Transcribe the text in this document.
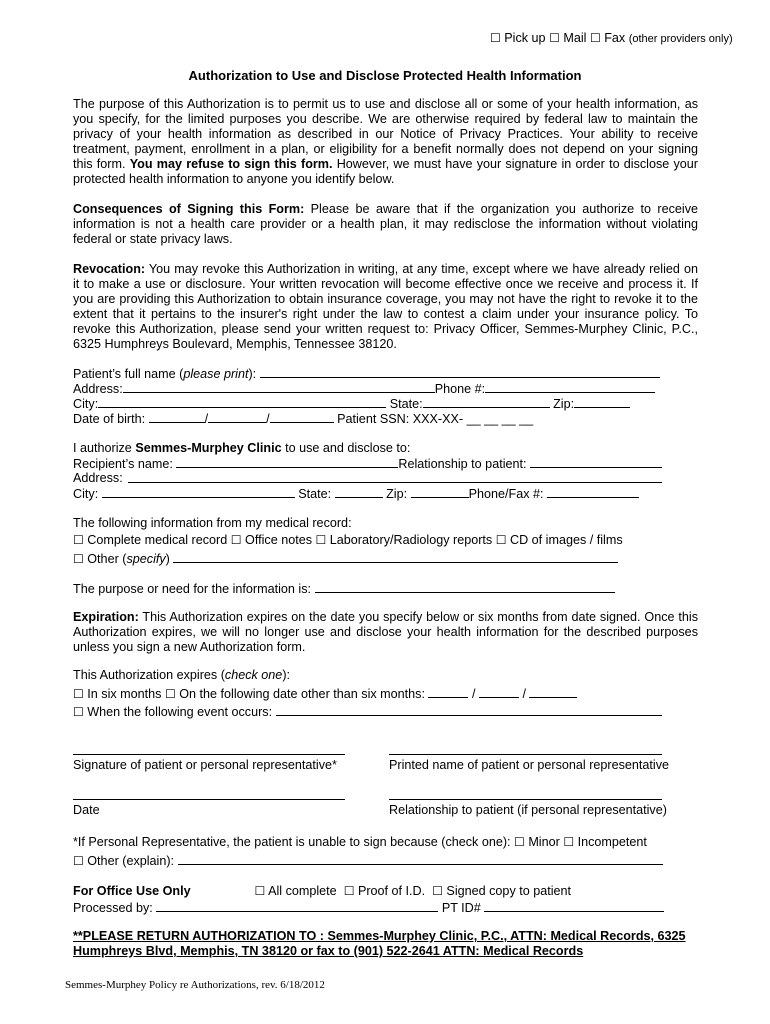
☐ Pick up ☐ Mail ☐ Fax (other providers only)
Authorization to Use and Disclose Protected Health Information
The purpose of this Authorization is to permit us to use and disclose all or some of your health information, as you specify, for the limited purposes you describe. We are otherwise required by federal law to maintain the privacy of your health information as described in our Notice of Privacy Practices. Your ability to receive treatment, payment, enrollment in a plan, or eligibility for a benefit normally does not depend on your signing this form. You may refuse to sign this form. However, we must have your signature in order to disclose your protected health information to anyone you identify below.
Consequences of Signing this Form: Please be aware that if the organization you authorize to receive information is not a health care provider or a health plan, it may redisclose the information without violating federal or state privacy laws.
Revocation: You may revoke this Authorization in writing, at any time, except where we have already relied on it to make a use or disclosure. Your written revocation will become effective once we receive and process it. If you are providing this Authorization to obtain insurance coverage, you may not have the right to revoke it to the extent that it pertains to the insurer's right under the law to contest a claim under your insurance policy. To revoke this Authorization, please send your written request to: Privacy Officer, Semmes-Murphey Clinic, P.C., 6325 Humphreys Boulevard, Memphis, Tennessee 38120.
Patient’s full name (please print):
Address:	Phone #:
City:	State:	Zip:
Date of birth:	/	/	Patient SSN: XXX-XX- __ __ __ __
I authorize Semmes-Murphey Clinic to use and disclose to:
Recipient’s name:	Relationship to patient:
Address:
City:	State:	Zip:	Phone/Fax #:
The following information from my medical record:
☐ Complete medical record ☐ Office notes ☐ Laboratory/Radiology reports ☐ CD of images / films
☐ Other (specify)
The purpose or need for the information is:
Expiration: This Authorization expires on the date you specify below or six months from date signed. Once this Authorization expires, we will no longer use and disclose your health information for the described purposes unless you sign a new Authorization form.
This Authorization expires (check one):
☐ In six months ☐ On the following date other than six months:	/	/
☐ When the following event occurs:
Signature of patient or personal representative*	Printed name of patient or personal representative
Date	Relationship to patient (if personal representative)
*If Personal Representative, the patient is unable to sign because (check one): ☐ Minor ☐ Incompetent
☐ Other (explain):
For Office Use Only	☐ All complete ☐ Proof of I.D. ☐ Signed copy to patient
Processed by:	PT ID#
**PLEASE RETURN AUTHORIZATION TO : Semmes-Murphey Clinic, P.C., ATTN: Medical Records, 6325
Humphreys Blvd, Memphis, TN 38120 or fax to (901) 522-2641 ATTN: Medical Records
Semmes-Murphey Policy re Authorizations, rev. 6/18/2012
